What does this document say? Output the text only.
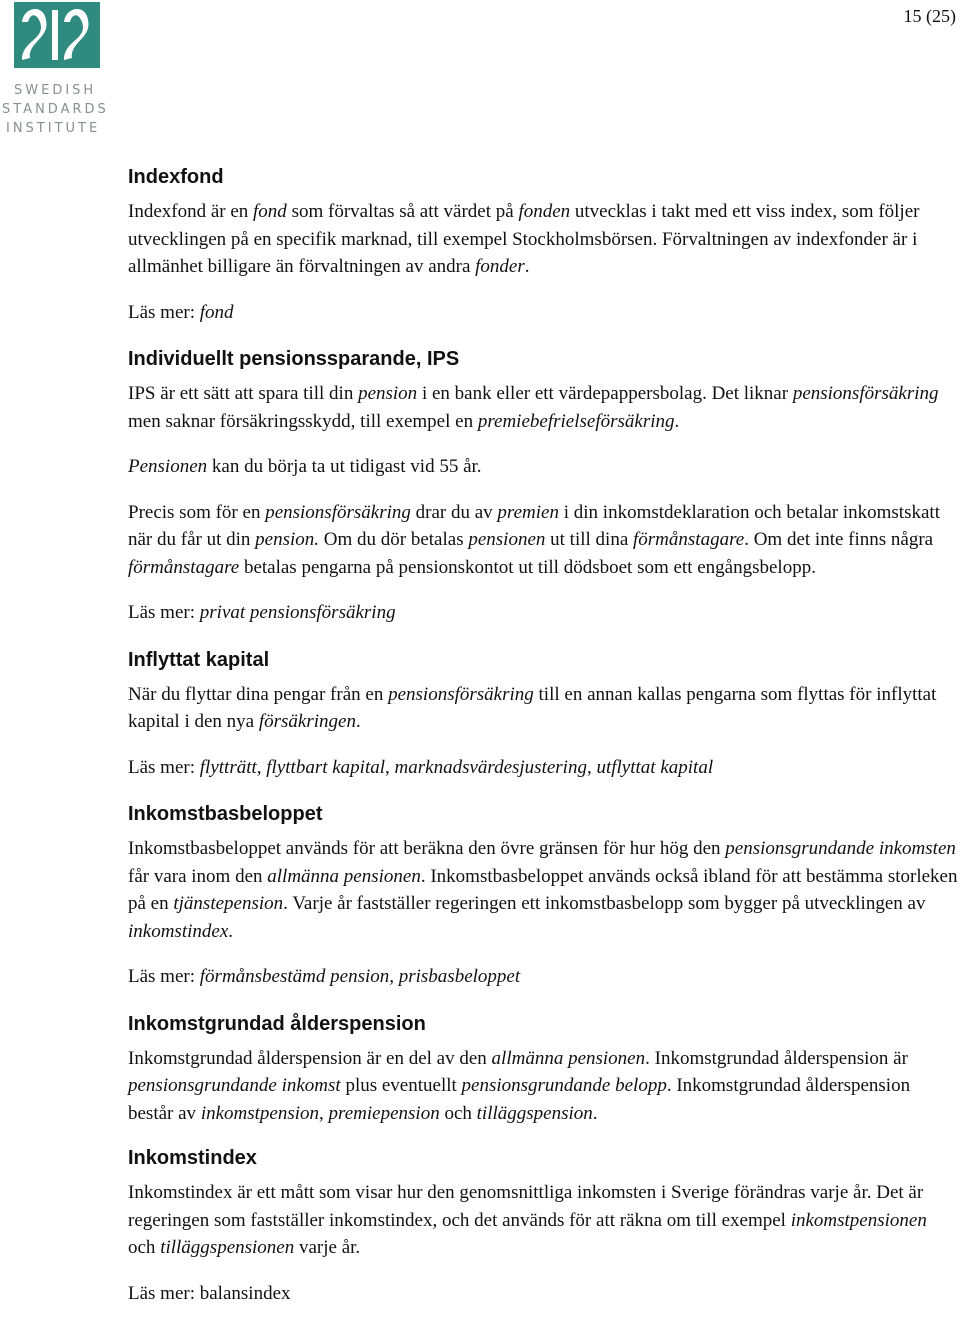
15 (25)
SWEDISH
STANDARDS
INSTITUTE
Indexfond

Indexfond är en fond som förvaltas så att värdet på fonden utvecklas i takt med ett viss index, som följer utvecklingen på en specifik marknad, till exempel Stockholmsbörsen. Förvaltningen av indexfonder är i allmänhet billigare än förvaltningen av andra fonder.

Läs mer: fond

Individuellt pensionssparande, IPS

IPS är ett sätt att spara till din pension i en bank eller ett värdepappersbolag. Det liknar pensionsförsäkring men saknar försäkringsskydd, till exempel en premiebefrielseförsäkring.

Pensionen kan du börja ta ut tidigast vid 55 år.

Precis som för en pensionsförsäkring drar du av premien i din inkomstdeklaration och betalar inkomstskatt när du får ut din pension. Om du dör betalas pensionen ut till dina förmånstagare. Om det inte finns några förmånstagare betalas pengarna på pensionskontot ut till dödsboet som ett engångsbelopp.

Läs mer: privat pensionsförsäkring

Inflyttat kapital

När du flyttar dina pengar från en pensionsförsäkring till en annan kallas pengarna som flyttas för inflyttat kapital i den nya försäkringen.

Läs mer: flytträtt, flyttbart kapital, marknadsvärdesjustering, utflyttat kapital

Inkomstbasbeloppet

Inkomstbasbeloppet används för att beräkna den övre gränsen för hur hög den pensionsgrundande inkomsten får vara inom den allmänna pensionen. Inkomstbasbeloppet används också ibland för att bestämma storleken på en tjänstepension. Varje år fastställer regeringen ett inkomstbasbelopp som bygger på utvecklingen av inkomstindex.

Läs mer: förmånsbestämd pension, prisbasbeloppet

Inkomstgrundad ålderspension

Inkomstgrundad ålderspension är en del av den allmänna pensionen. Inkomstgrundad ålderspension är pensionsgrundande inkomst plus eventuellt pensionsgrundande belopp. Inkomstgrundad ålderspension består av inkomstpension, premiepension och tilläggspension.

Inkomstindex

Inkomstindex är ett mått som visar hur den genomsnittliga inkomsten i Sverige förändras varje år. Det är regeringen som fastställer inkomstindex, och det används för att räkna om till exempel inkomstpensionen och tilläggspensionen varje år.

Läs mer: balansindex
